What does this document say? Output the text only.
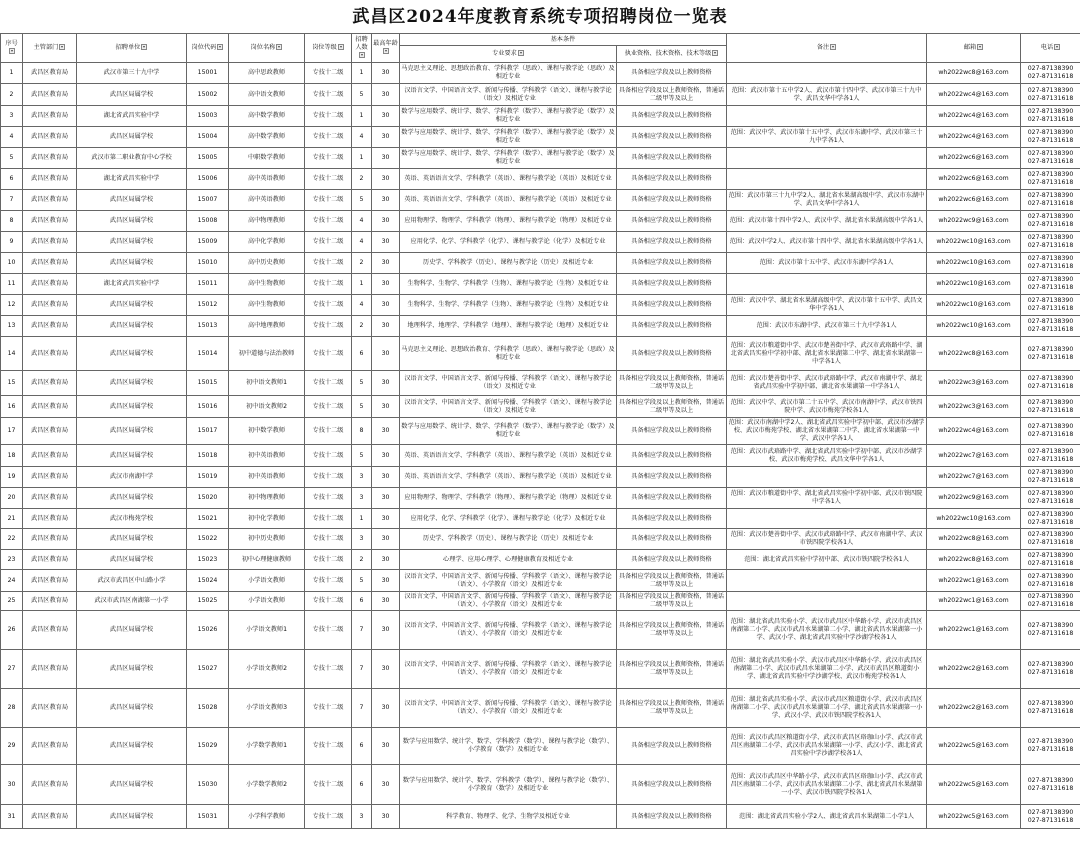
武昌区2024年度教育系统专项招聘岗位一览表
序号	主管部门	招聘单位	岗位代码	岗位名称	岗位等级	招聘人数	最高年龄	基本条件		备注	邮箱	电话
								专业要求	执业资格、技术资格、技术等级			
1	武昌区教育局	武汉市第三十九中学	15001	高中思政教师	专技十二级	1	30	马克思主义理论、思想政治教育、学科教学（思政）、课程与教学论（思政）及相近专业	具备相应学段及以上教师资格		wh2022wc8@163.com	027-87138390 027-87131618
2	武昌区教育局	武昌区局属学校	15002	高中语文教师	专技十二级	5	30	汉语言文学、中国语言文学、新闻与传播、学科教学（语文）、课程与教学论（语文）及相近专业	具备相应学段及以上教师资格，普通话二级甲等及以上	范围：武汉市第十五中学2人、武汉市第十四中学、武汉市第三十九中学、武昌文华中学各1人	wh2022wc4@163.com	027-87138390 027-87131618
3	武昌区教育局	湖北省武昌实验中学	15003	高中数学教师	专技十二级	1	30	数学与应用数学、统计学、数学、学科教学（数学）、课程与教学论（数学）及相近专业	具备相应学段及以上教师资格		wh2022wc4@163.com	027-87138390 027-87131618
4	武昌区教育局	武昌区局属学校	15004	高中数学教师	专技十二级	4	30	数学与应用数学、统计学、数学、学科教学（数学）、课程与教学论（数学）及相近专业	具备相应学段及以上教师资格	范围：武汉中学、武汉市第十五中学、武汉市东湖中学、武汉市第三十九中学各1人	wh2022wc4@163.com	027-87138390 027-87131618
5	武昌区教育局	武汉市第二职业教育中心学校	15005	中职数学教师	专技十二级	1	30	数学与应用数学、统计学、数学、学科教学（数学）、课程与教学论（数学）及相近专业	具备相应学段及以上教师资格		wh2022wc6@163.com	027-87138390 027-87131618
6	武昌区教育局	湖北省武昌实验中学	15006	高中英语教师	专技十二级	2	30	英语、英语语言文学、学科教学（英语）、课程与教学论（英语）及相近专业	具备相应学段及以上教师资格		wh2022wc6@163.com	027-87138390 027-87131618
7	武昌区教育局	武昌区局属学校	15007	高中英语教师	专技十二级	5	30	英语、英语语言文学、学科教学（英语）、课程与教学论（英语）及相近专业	具备相应学段及以上教师资格	范围：武汉市第三十九中学2人、湖北省水果湖高级中学、武汉市东湖中学、武昌文华中学各1人	wh2022wc6@163.com	027-87138390 027-87131618
8	武昌区教育局	武昌区局属学校	15008	高中物理教师	专技十二级	4	30	应用物理学、物理学、学科教学（物理）、课程与教学论（物理）及相近专业	具备相应学段及以上教师资格	范围：武汉市第十四中学2人、武汉中学、湖北省水果湖高级中学各1人	wh2022wc9@163.com	027-87138390 027-87131618
9	武昌区教育局	武昌区局属学校	15009	高中化学教师	专技十二级	4	30	应用化学、化学、学科教学（化学）、课程与教学论（化学）及相近专业	具备相应学段及以上教师资格	范围：武汉中学2人、武汉市第十四中学、湖北省水果湖高级中学各1人	wh2022wc10@163.com	027-87138390 027-87131618
10	武昌区教育局	武昌区局属学校	15010	高中历史教师	专技十二级	2	30	历史学、学科教学（历史）、课程与教学论（历史）及相近专业	具备相应学段及以上教师资格	范围：武汉市第十五中学、武汉市东湖中学各1人	wh2022wc10@163.com	027-87138390 027-87131618
11	武昌区教育局	湖北省武昌实验中学	15011	高中生物教师	专技十二级	1	30	生物科学、生物学、学科教学（生物）、课程与教学论（生物）及相近专业	具备相应学段及以上教师资格		wh2022wc10@163.com	027-87138390 027-87131618
12	武昌区教育局	武昌区局属学校	15012	高中生物教师	专技十二级	4	30	生物科学、生物学、学科教学（生物）、课程与教学论（生物）及相近专业	具备相应学段及以上教师资格	范围：武汉中学、湖北省水果湖高级中学、武汉市第十五中学、武昌文华中学各1人	wh2022wc10@163.com	027-87138390 027-87131618
13	武昌区教育局	武昌区局属学校	15013	高中地理教师	专技十二级	2	30	地理科学、地理学、学科教学（地理）、课程与教学论（地理）及相近专业	具备相应学段及以上教师资格	范围：武汉市东湖中学、武汉市第三十九中学各1人	wh2022wc10@163.com	027-87138390 027-87131618
14	武昌区教育局	武昌区局属学校	15014	初中道德与法治教师	专技十二级	6	30	马克思主义理论、思想政治教育、学科教学（思政）、课程与教学论（思政）及相近专业	具备相应学段及以上教师资格	范围：武汉市粮道街中学、武汉市楚善街中学、武汉市武珞路中学、湖北省武昌实验中学初中部、湖北省水果湖第二中学、湖北省水果湖第一中学各1人	wh2022wc8@163.com	027-87138390 027-87131618
15	武昌区教育局	武昌区局属学校	15015	初中语文教师1	专技十二级	5	30	汉语言文学、中国语言文学、新闻与传播、学科教学（语文）、课程与教学论（语文）及相近专业	具备相应学段及以上教师资格，普通话二级甲等及以上	范围：武汉市楚善街中学、武汉市武珞路中学、武汉市南湖中学、湖北省武昌实验中学初中部、湖北省水果湖第一中学各1人	wh2022wc3@163.com	027-87138390 027-87131618
16	武昌区教育局	武昌区局属学校	15016	初中语文教师2	专技十二级	5	30	汉语言文学、中国语言文学、新闻与传播、学科教学（语文）、课程与教学论（语文）及相近专业	具备相应学段及以上教师资格，普通话二级甲等及以上	范围：武汉中学、武汉市第二十五中学、武汉市南湖中学、武汉市铁四院中学、武汉市梅苑学校各1人	wh2022wc3@163.com	027-87138390 027-87131618
17	武昌区教育局	武昌区局属学校	15017	初中数学教师	专技十二级	8	30	数学与应用数学、统计学、数学、学科教学（数学）、课程与教学论（数学）及相近专业	具备相应学段及以上教师资格	范围：武汉市南湖中学2人、湖北省武昌实验中学初中部、武汉市沙湖学校、武汉市梅苑学校、湖北省水果湖第二中学、湖北省水果湖第一中学、武汉中学各1人	wh2022wc4@163.com	027-87138390 027-87131618
18	武昌区教育局	武昌区局属学校	15018	初中英语教师	专技十二级	5	30	英语、英语语言文学、学科教学（英语）、课程与教学论（英语）及相近专业	具备相应学段及以上教师资格	范围：武汉市武珞路中学、湖北省武昌实验中学初中部、武汉市沙湖学校、武汉市梅苑学校、武昌文华中学各1人	wh2022wc7@163.com	027-87138390 027-87131618
19	武昌区教育局	武汉市南湖中学	15019	初中英语教师	专技十二级	3	30	英语、英语语言文学、学科教学（英语）、课程与教学论（英语）及相近专业	具备相应学段及以上教师资格		wh2022wc7@163.com	027-87138390 027-87131618
20	武昌区教育局	武昌区局属学校	15020	初中物理教师	专技十二级	3	30	应用物理学、物理学、学科教学（物理）、课程与教学论（物理）及相近专业	具备相应学段及以上教师资格	范围：武汉市粮道街中学、湖北省武昌实验中学初中部、武汉市铁四院中学各1人	wh2022wc9@163.com	027-87138390 027-87131618
21	武昌区教育局	武汉市梅苑学校	15021	初中化学教师	专技十二级	1	30	应用化学、化学、学科教学（化学）、课程与教学论（化学）及相近专业	具备相应学段及以上教师资格		wh2022wc10@163.com	027-87138390 027-87131618
22	武昌区教育局	武昌区局属学校	15022	初中历史教师	专技十二级	3	30	历史学、学科教学（历史）、课程与教学论（历史）及相近专业	具备相应学段及以上教师资格	范围：武汉市楚善街中学、武汉市武珞路中学、武汉市南湖中学、武汉市铁四院学校各1人	wh2022wc8@163.com	027-87138390 027-87131618
23	武昌区教育局	武昌区局属学校	15023	初中心理健康教师	专技十二级	2	30	心理学、应用心理学、心理健康教育及相近专业	具备相应学段及以上教师资格	范围：湖北省武昌实验中学初中部、武汉市铁四院学校各1人	wh2022wc8@163.com	027-87138390 027-87131618
24	武昌区教育局	武汉市武昌区中山路小学	15024	小学语文教师	专技十二级	5	30	汉语言文学、中国语言文学、新闻与传播、学科教学（语文）、课程与教学论（语文）、小学教育（语文）及相近专业	具备相应学段及以上教师资格，普通话二级甲等及以上		wh2022wc1@163.com	027-87138390 027-87131618
25	武昌区教育局	武汉市武昌区南湖第一小学	15025	小学语文教师	专技十二级	6	30	汉语言文学、中国语言文学、新闻与传播、学科教学（语文）、课程与教学论（语文）、小学教育（语文）及相近专业	具备相应学段及以上教师资格，普通话二级甲等及以上		wh2022wc1@163.com	027-87138390 027-87131618
26	武昌区教育局	武昌区局属学校	15026	小学语文教师1	专技十二级	7	30	汉语言文学、中国语言文学、新闻与传播、学科教学（语文）、课程与教学论（语文）、小学教育（语文）及相近专业	具备相应学段及以上教师资格，普通话二级甲等及以上	范围：湖北省武昌实验小学、武汉市武昌区中华路小学、武汉市武昌区南湖第二小学、武汉市武昌水果湖第二小学、湖北省武昌水果湖第一小学、武汉小学、湖北省武昌实验中学沙湖学校各1人	wh2022wc1@163.com	027-87138390 027-87131618
27	武昌区教育局	武昌区局属学校	15027	小学语文教师2	专技十二级	7	30	汉语言文学、中国语言文学、新闻与传播、学科教学（语文）、课程与教学论（语文）、小学教育（语文）及相近专业	具备相应学段及以上教师资格，普通话二级甲等及以上	范围：湖北省武昌实验小学、武汉市武昌区中华路小学、武汉市武昌区南湖第二小学、武汉市武昌水果湖第二小学、武汉市武昌区粮道街小学、湖北省武昌实验中学沙湖学校、武汉市梅苑学校各1人	wh2022wc2@163.com	027-87138390 027-87131618
28	武昌区教育局	武昌区局属学校	15028	小学语文教师3	专技十二级	7	30	汉语言文学、中国语言文学、新闻与传播、学科教学（语文）、课程与教学论（语文）、小学教育（语文）及相近专业	具备相应学段及以上教师资格，普通话二级甲等及以上	范围：湖北省武昌实验小学、武汉市武昌区粮道街小学、武汉市武昌区南湖第二小学、武汉市武昌水果湖第二小学、湖北省武昌水果湖第一小学、武汉小学、武汉市铁四院学校各1人	wh2022wc2@163.com	027-87138390 027-87131618
29	武昌区教育局	武昌区局属学校	15029	小学数学教师1	专技十二级	6	30	数学与应用数学、统计学、数学、学科教学（数学）、课程与教学论（数学）、小学教育（数学）及相近专业	具备相应学段及以上教师资格	范围：武汉市武昌区粮道街小学、武汉市武昌区珞珈山小学、武汉市武昌区南湖第二小学、武汉市武昌水果湖第一小学、武汉小学、湖北省武昌实验中学沙湖学校各1人	wh2022wc5@163.com	027-87138390 027-87131618
30	武昌区教育局	武昌区局属学校	15030	小学数学教师2	专技十二级	6	30	数学与应用数学、统计学、数学、学科教学（数学）、课程与教学论（数学）、小学教育（数学）及相近专业	具备相应学段及以上教师资格	范围：武汉市武昌区中华路小学、武汉市武昌区珞珈山小学、武汉市武昌区南湖第二小学、武汉市武昌水果湖第二小学、湖北省武昌水果湖第一小学、武汉市铁四院学校各1人	wh2022wc5@163.com	027-87138390 027-87131618
31	武昌区教育局	武昌区局属学校	15031	小学科学教师	专技十二级	3	30	科学教育、物理学、化学、生物学及相近专业	具备相应学段及以上教师资格	范围：湖北省武昌实验小学2人、湖北省武昌水果湖第二小学1人	wh2022wc5@163.com	027-87138390 027-87131618
